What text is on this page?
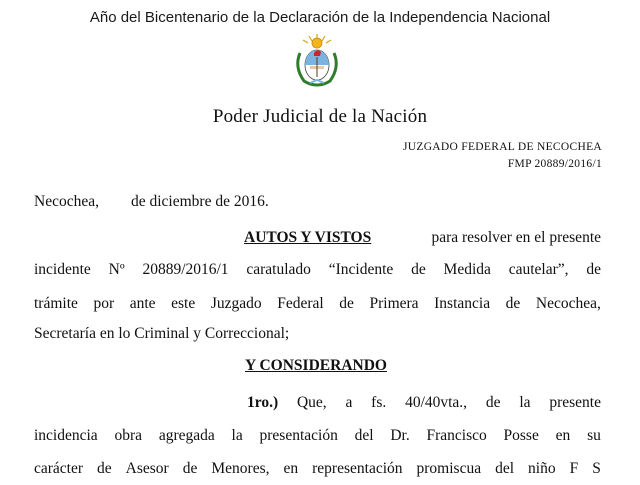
Año del Bicentenario de la Declaración de la Independencia Nacional
Poder Judicial de la Nación
JUZGADO FEDERAL DE NECOCHEA
FMP 20889/2016/1
Necochea, de diciembre de 2016.
AUTOS Y VISTOS	para resolver en el presente
incidente Nº 20889/2016/1 caratulado “Incidente de Medida cautelar”, de
trámite por ante este Juzgado Federal de Primera Instancia de Necochea,
Secretaría en lo Criminal y Correccional;
Y CONSIDERANDO
1ro.) Que, a fs. 40/40vta., de la presente
incidencia obra agregada la presentación del Dr. Francisco Posse en su
carácter de Asesor de Menores, en representación promiscua del niño F S
